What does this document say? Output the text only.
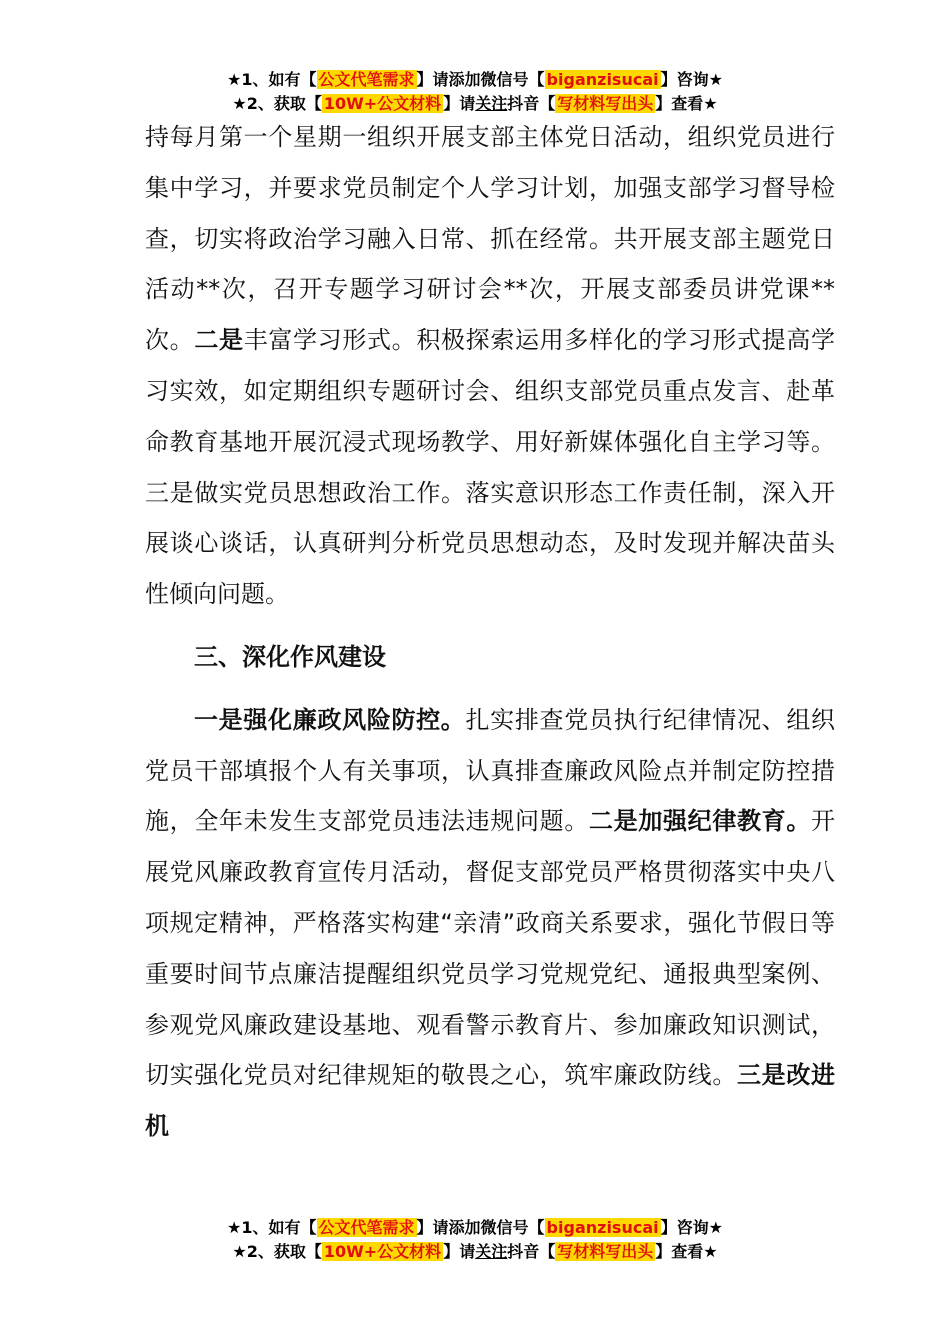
★1、如有【 公文代笔需求 】请添加微信号【 biganzisucai 】咨询★
★2、获取【 10W+公文材料 】请关注抖音【 写材料写出头 】查看★

持每月第一个星期一组织开展支部主体党日活动，组织党员进行集中学习，并要求党员制定个人学习计划，加强支部学习督导检查，切实将政治学习融入日常、抓在经常。共开展支部主题党日活动**次，召开专题学习研讨会**次，开展支部委员讲党课**次。二是丰富学习形式。积极探索运用多样化的学习形式提高学习实效，如定期组织专题研讨会、组织支部党员重点发言、赴革命教育基地开展沉浸式现场教学、用好新媒体强化自主学习等。三是做实党员思想政治工作。落实意识形态工作责任制，深入开展谈心谈话，认真研判分析党员思想动态，及时发现并解决苗头性倾向问题。

三、深化作风建设

一是强化廉政风险防控。扎实排查党员执行纪律情况、组织党员干部填报个人有关事项，认真排查廉政风险点并制定防控措施，全年未发生支部党员违法违规问题。二是加强纪律教育。开展党风廉政教育宣传月活动，督促支部党员严格贯彻落实中央八项规定精神，严格落实构建“亲清”政商关系要求，强化节假日等重要时间节点廉洁提醒组织党员学习党规党纪、通报典型案例、参观党风廉政建设基地、观看警示教育片、参加廉政知识测试，切实强化党员对纪律规矩的敬畏之心，筑牢廉政防线。三是改进机

★1、如有【 公文代笔需求 】请添加微信号【 biganzisucai 】咨询★
★2、获取【 10W+公文材料 】请关注抖音【 写材料写出头 】查看★
